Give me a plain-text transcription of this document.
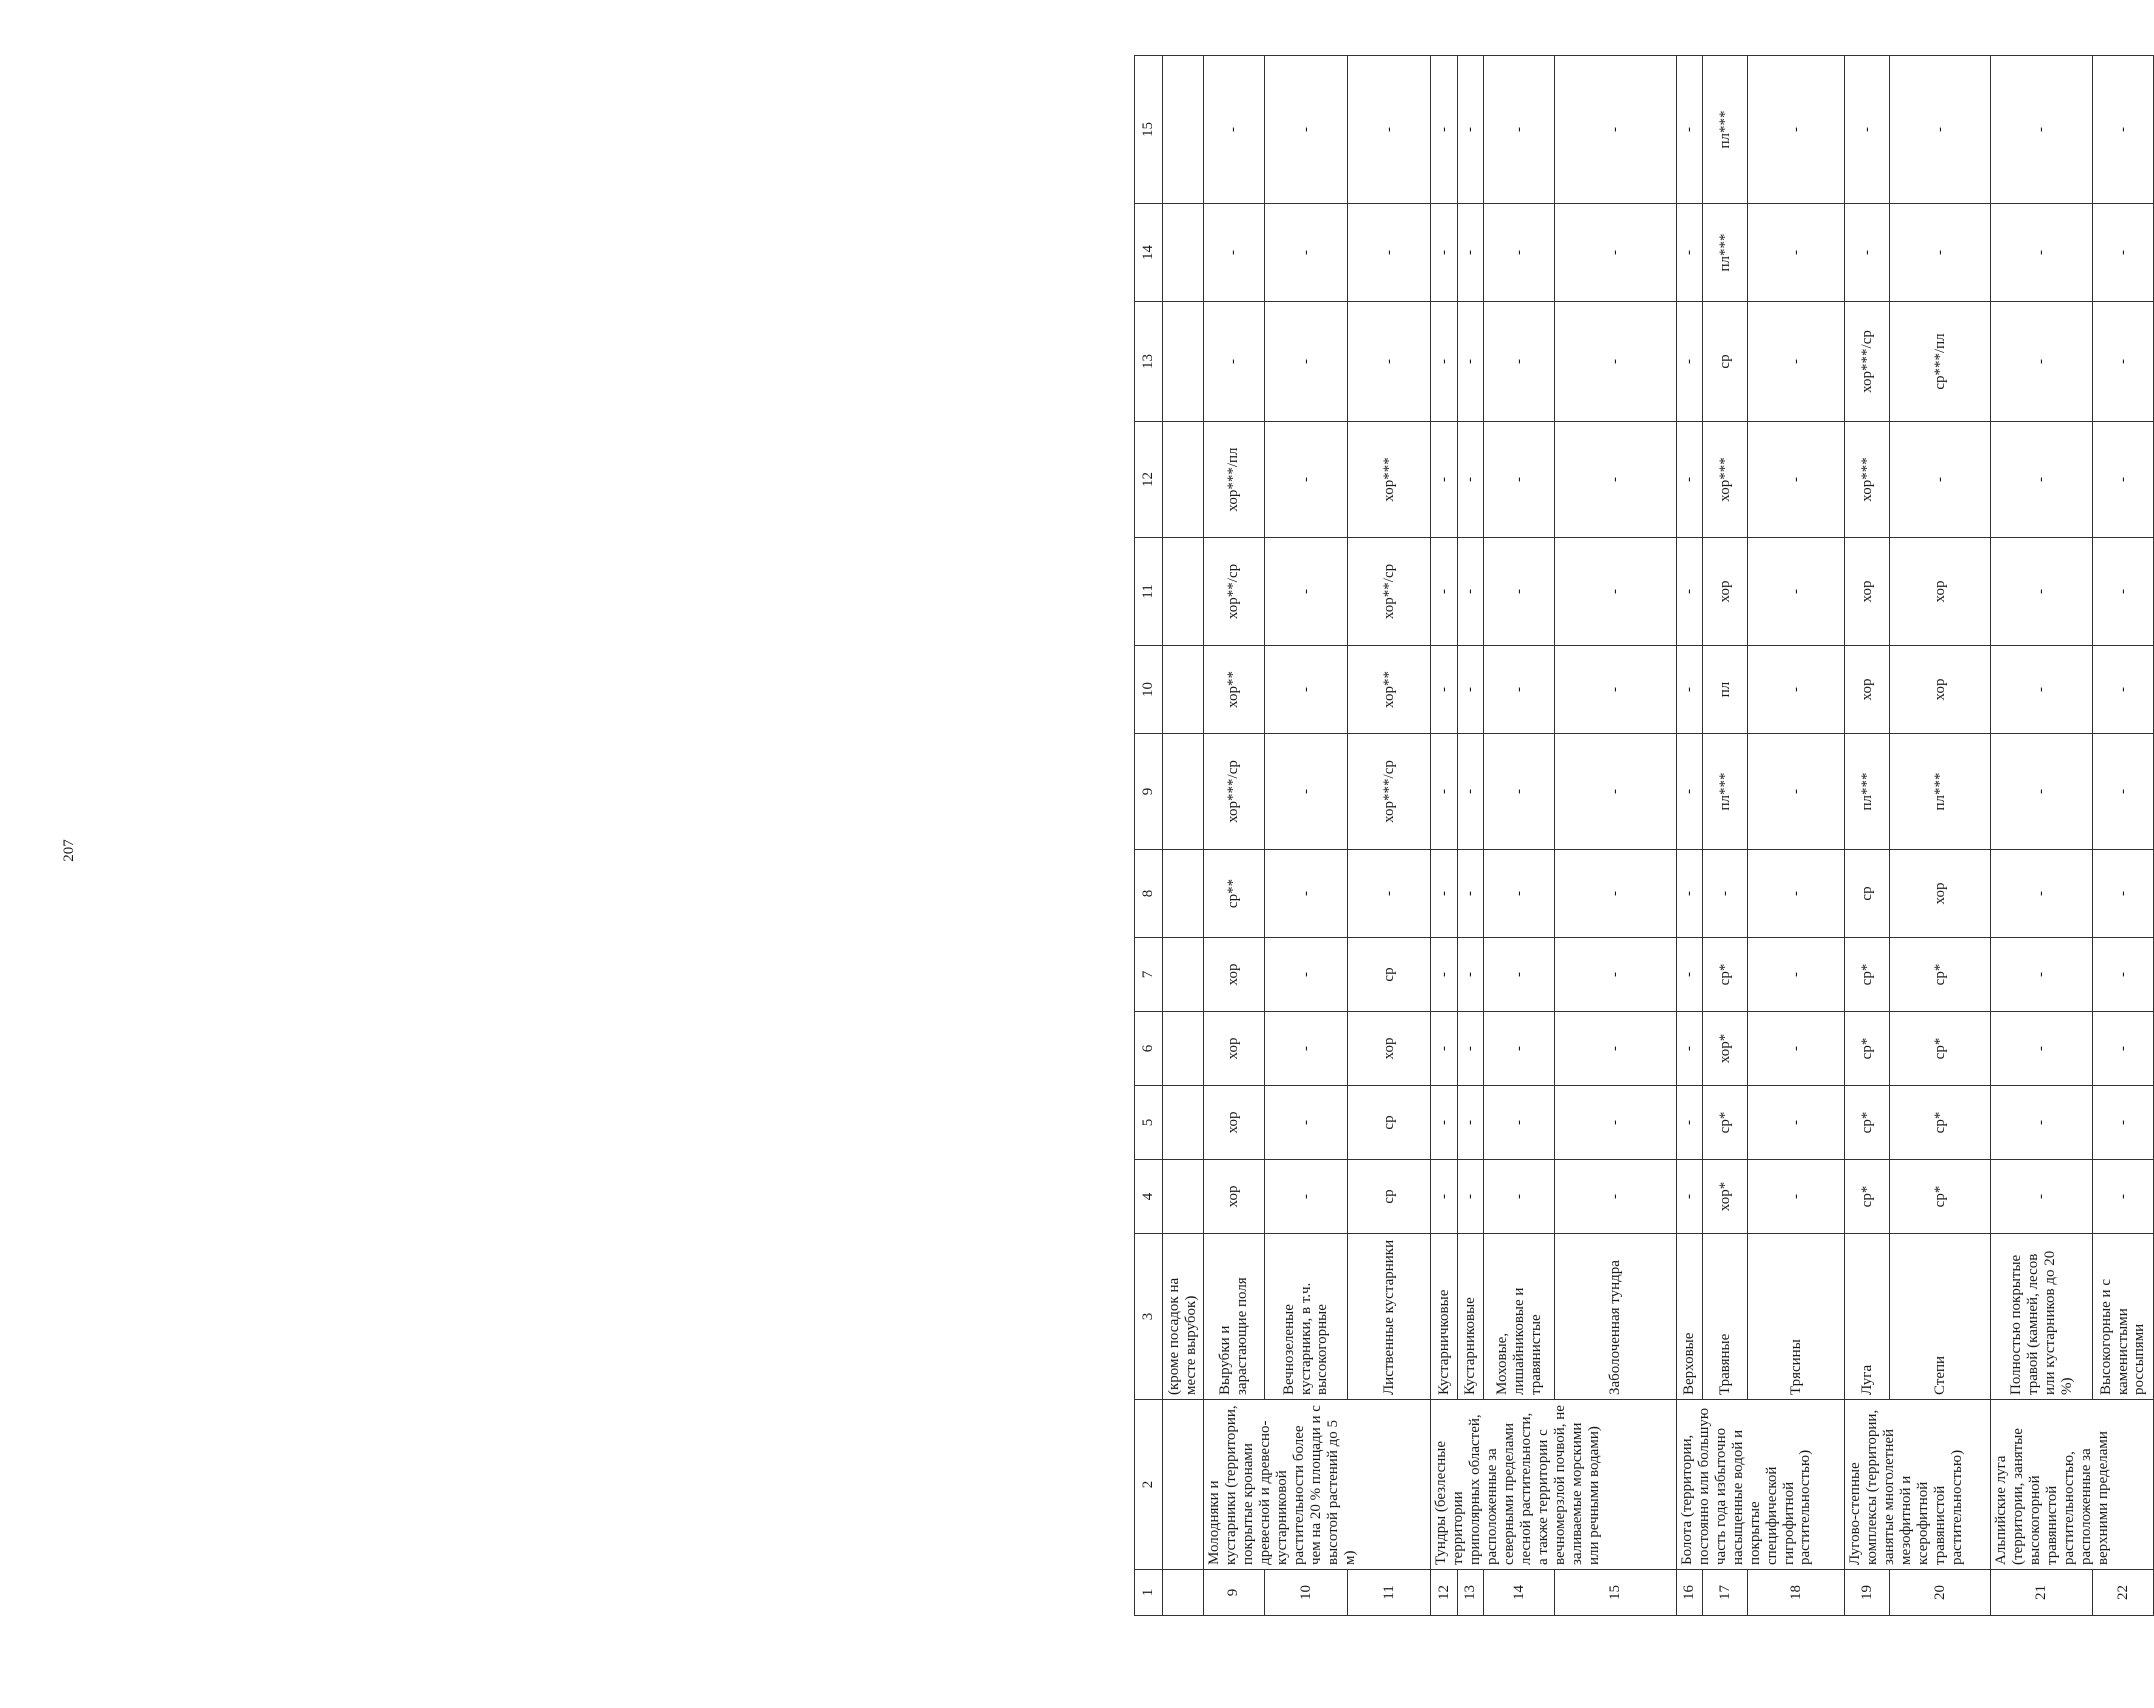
207
1	2	3	4	5	6	7	8	9	10	11	12	13	14	15
		(кроме посадок на месте вырубок)												
9	Молодняки и кустарники (территории, покрытые кронами древесной и древесно-кустарниковой растительности более чем на 20 % площади и с высотой растений до 5 м)	Вырубки и зарастающие поля	хор	хор	хор	хор	ср**	хор***/ср	хор**	хор**/ср	хор***/пл	-	-	-
10		Вечнозеленые кустарники, в т.ч. высокогорные	-	-	-	-	-	-	-	-	-	-	-	-
11		Лиственные кустарники	ср	ср	хор	ср	-	хор***/ср	хор**	хор**/ср	хор***	-	-	-
12	Тундры (безлесные территории приполярных областей, расположенные за северными пределами лесной растительности, а также территории с вечномерзлой почвой, не заливаемые морскими или речными водами)	Кустарничковые	-	-	-	-	-	-	-	-	-	-	-	-
13		Кустарниковые	-	-	-	-	-	-	-	-	-	-	-	-
14		Моховые, лишайниковые и травянистые	-	-	-	-	-	-	-	-	-	-	-	-
15		Заболоченная тундра	-	-	-	-	-	-	-	-	-	-	-	-
16	Болота (территории, постоянно или большую часть года избыточно насыщенные водой и покрытые специфической гигрофитной растительностью)	Верховые	-	-	-	-	-	-	-	-	-	-	-	-
17		Травяные	хор*	ср*	хор*	ср*	-	пл***	пл	хор	хор***	ср	пл***	пл***
18		Трясины	-	-	-	-	-	-	-	-	-	-	-	-
19	Лугово-степные комплексы (территории, занятые многолетней мезофитной и ксерофитной травянистой растительностью)	Луга	ср*	ср*	ср*	ср*	ср	пл***	хор	хор	хор***	хор***/ср	-	-
20		Степи	ср*	ср*	ср*	ср*	хор	пл***	хор	хор	-	ср***/пл	-	-
21	Альпийские луга (территории, занятые высокогорной травянистой растительностью, расположенные за верхними пределами	Полностью покрытые травой (камней, лесов или кустарников до 20 %)	-	-	-	-	-	-	-	-	-	-	-	-
22		Высокогорные и с каменистыми россыпями	-	-	-	-	-	-	-	-	-	-	-	-
